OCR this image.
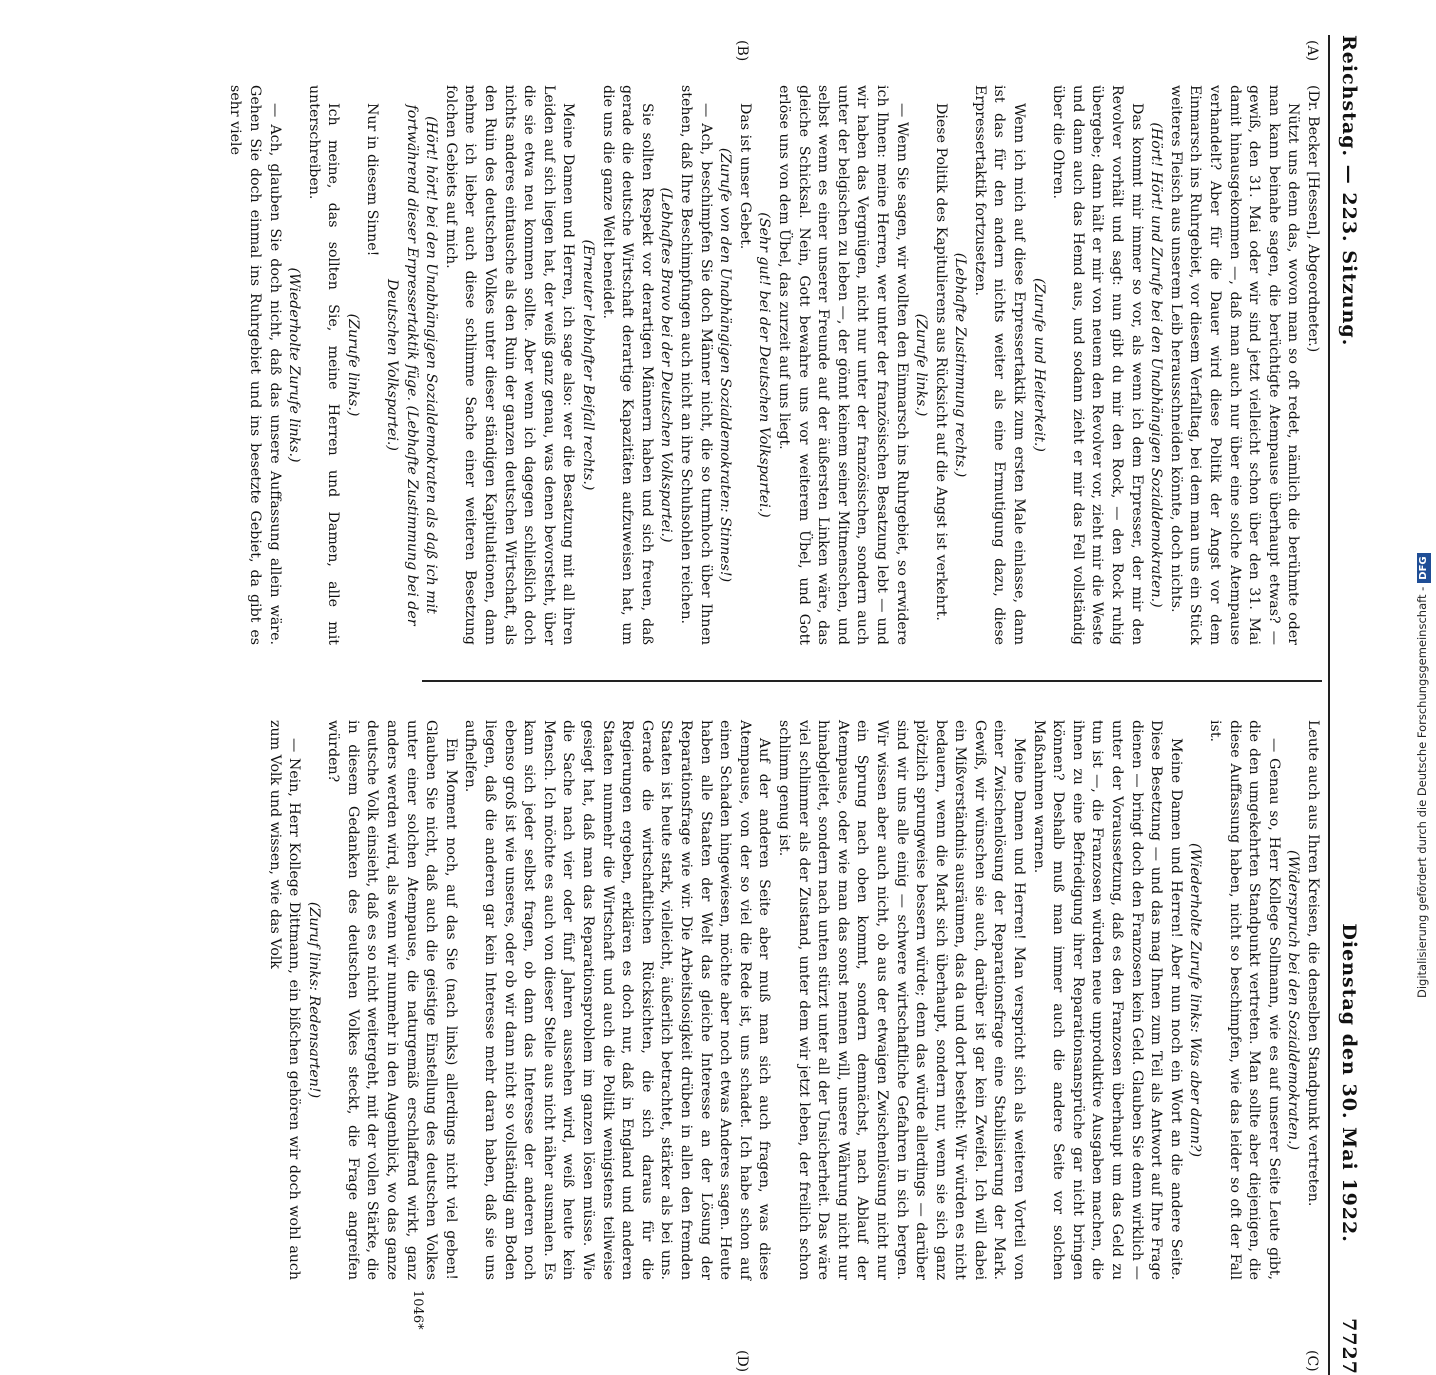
Reichstag. — 223. Sitzung.
Dienstag den 30. Mai 1922.  7727
(A)
(B)
(C)
(D)

(Dr. Becker [Hessen], Abgeordneter.)

Nützt uns denn das, wovon man so oft redet, nämlich die berühmte oder man kann beinahe sagen, die berüchtigte Atempause überhaupt etwas? — gewiß, den 31. Mai oder wir sind jetzt vielleicht schon über den 31. Mai damit hinausgekommen —, daß man auch nur über eine solche Atempause verhandelt? Aber für die Dauer wird diese Politik der Angst vor dem Einmarsch ins Ruhrgebiet, vor diesem Verfalltag, bei dem man uns ein Stück weiteres Fleisch aus unserem Leib herausschneiden könnte, doch nichts.

(Hört! Hört! und Zurufe bei den Unabhängigen Sozialdemokraten.)

Das kommt mir immer so vor, als wenn ich dem Erpresser, der mir den Revolver vorhält und sagt: nun gibt du mir den Rock, — den Rock ruhig übergebe; dann hält er mir von neuem den Revolver vor, zieht mir die Weste und dann auch das Hemd aus, und sodann zieht er mir das Fell vollständig über die Ohren.

(Zurufe und Heiterkeit.)

Wenn ich mich auf diese Erpressertaktik zum ersten Male einlasse, dann ist das für den andern nichts weiter als eine Ermutigung dazu, diese Erpressertaktik fortzusetzen.

(Lebhafte Zustimmung rechts.)

Diese Politik des Kapitulierens aus Rücksicht auf die Angst ist verkehrt.

(Zurufe links.)

— Wenn Sie sagen, wir wollten den Einmarsch ins Ruhrgebiet, so erwidere ich Ihnen: meine Herren, wer unter der französischen Besatzung lebt — und wir haben das Vergnügen, nicht nur unter der französischen, sondern auch unter der belgischen zu leben —, der gönnt keinem seiner Mitmenschen, und selbst wenn es einer unserer Freunde auf der äußersten Linken wäre, das gleiche Schicksal. Nein, Gott bewahre uns vor weiterem Übel, und Gott erlöse uns von dem Übel, das zurzeit auf uns liegt.

(Sehr gut! bei der Deutschen Volkspartei.)

Das ist unser Gebet.

(Zurufe von den Unabhängigen Sozialdemokraten: Stinnes!)

— Ach, beschimpfen Sie doch Männer nicht, die so turmhoch über Ihnen stehen, daß Ihre Beschimpfungen auch nicht an ihre Schuhsohlen reichen.

(Lebhaftes Bravo bei der Deutschen Volkspartei.)

Sie sollten Respekt vor derartigen Männern haben und sich freuen, daß gerade die deutsche Wirtschaft derartige Kapazitäten aufzuweisen hat, um die uns die ganze Welt beneidet.

(Erneuter lebhafter Beifall rechts.)

Meine Damen und Herren, ich sage also: wer die Besatzung mit all ihren Leiden auf sich liegen hat, der weiß ganz genau, was denen bevorsteht, über die sie etwa neu kommen sollte. Aber wenn ich dagegen schließlich doch nichts anderes eintausche als den Ruin der ganzen deutschen Wirtschaft, als den Ruin des deutschen Volkes unter dieser ständigen Kapitulationen, dann nehme ich lieber auch diese schlimme Sache einer weiteren Besetzung folchen Gebiets auf mich.

(Hört! hört! bei den Unabhängigen Sozialdemokraten als daß ich mit fortwährend dieser Erpressertaktik füge. (Lebhafte Zustimmung bei der Deutschen Volkspartei.)

Nur in diesem Sinne!

(Zurufe links.)

Ich meine, das sollten Sie, meine Herren und Damen, alle mit unterschreiben.

(Wiederholte Zurufe links.)

— Ach, glauben Sie doch nicht, daß das unsere Auffassung allein wäre. Gehen Sie doch einmal ins Ruhrgebiet und ins besetzte Gebiet, da gibt es sehr viele

Leute auch aus Ihren Kreisen, die denselben Standpunkt vertreten.

(Widerspruch bei den Sozialdemokraten.)

— Genau so, Herr Kollege Sollmann, wie es auf unserer Seite Leute gibt, die den umgekehrten Standpunkt vertreten. Man sollte aber diejenigen, die diese Auffassung haben, nicht so beschimpfen, wie das leider so oft der Fall ist.

(Wiederholte Zurufe links: Was aber dann?)

Meine Damen und Herren! Aber nun noch ein Wort an die andere Seite. Diese Besetzung — und das mag Ihnen zum Teil als Antwort auf Ihre Frage dienen — bringt doch den Franzosen kein Geld. Glauben Sie denn wirklich — unter der Voraussetzung, daß es den Franzosen überhaupt um das Geld zu tun ist —, die Franzosen würden neue unproduktive Ausgaben machen, die ihnen zu eine Befriedigung ihrer Reparationsansprüche gar nicht bringen können? Deshalb muß man immer auch die andere Seite vor solchen Maßnahmen warnen.

Meine Damen und Herren! Man verspricht sich als weiteren Vorteil von einer Zwischenlösung der Reparationsfrage eine Stabilisierung der Mark. Gewiß, wir wünschen sie auch, darüber ist gar kein Zweifel. Ich will dabei ein Mißverständnis ausräumen, das da und dort besteht: Wir würden es nicht bedauern, wenn die Mark sich überhaupt, sondern nur, wenn sie sich ganz plötzlich sprungweise bessern würde; denn das würde allerdings — darüber sind wir uns alle einig — schwere wirtschaftliche Gefahren in sich bergen. Wir wissen aber auch nicht, ob aus der etwaigen Zwischenlösung nicht nur ein Sprung nach oben kommt, sondern demnächst, nach Ablauf der Atempause, oder wie man das sonst nennen will, unsere Währung nicht nur hinabgleitet, sondern nach unten stürzt unter all der Unsicherheit. Das wäre viel schlimmer als der Zustand, unter dem wir jetzt leben, der freilich schon schlimm genug ist.

Auf der anderen Seite aber muß man sich auch fragen, was diese Atempause, von der so viel die Rede ist, uns schadet. Ich habe schon auf einen Schaden hingewiesen, möchte aber noch etwas Anderes sagen. Heute haben alle Staaten der Welt das gleiche Interesse an der Lösung der Reparationsfrage wie wir. Die Arbeitslosigkeit drüben in allen den fremden Staaten ist heute stark, vielleicht, äußerlich betrachtet, stärker als bei uns. Gerade die wirtschaftlichen Rücksichten, die sich daraus für die Regierungen ergeben, erklären es doch nur, daß in England und anderen Staaten nunmehr die Wirtschaft und auch die Politik wenigstens teilweise gesiegt hat, daß man das Reparationsproblem im ganzen lösen müsse. Wie die Sache nach vier oder fünf Jahren aussehen wird, weiß heute kein Mensch. Ich möchte es auch von dieser Stelle aus nicht näher ausmalen. Es kann sich jeder selbst fragen, ob dann das Interesse der anderen noch ebenso groß ist wie unseres, oder ob wir dann nicht so vollständig am Boden liegen, daß die anderen gar kein Interesse mehr daran haben, daß sie uns aufhelfen.

Ein Moment noch, auf das Sie (nach links) allerdings nicht viel geben! Glauben Sie nicht, daß auch die geistige Einstellung des deutschen Volkes unter einer solchen Atempause, die naturgemäß erschlaffend wirkt, ganz anders werden wird, als wenn wir nunmehr in den Augenblick, wo das ganze deutsche Volk einsieht, daß es so nicht weitergeht, mit der vollen Stärke, die in diesem Gedanken des deutschen Volkes steckt, die Frage angreifen würden?

(Zuruf links: Redensarten!)

— Nein, Herr Kollege Dittmann, ein bißchen gehören wir doch wohl auch zum Volk und wissen, wie das Volk

1046*
Digitalisierung gefördert durch die Deutsche Forschungsgemeinschaft -DFG
